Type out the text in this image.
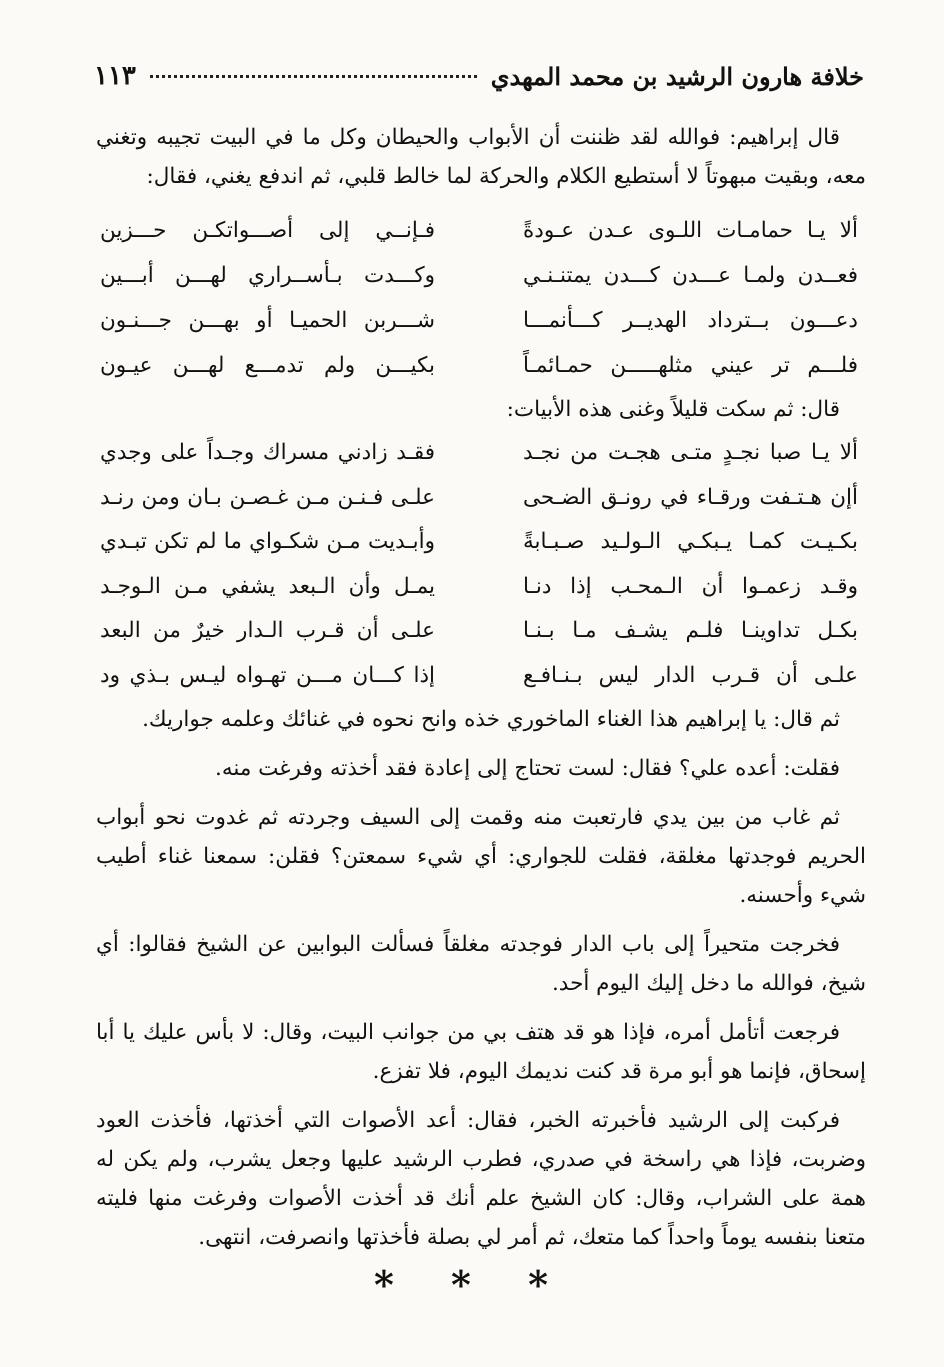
خلافة هارون الرشيد بن محمد المهدي
١١٣

قال إبراهيم: فوالله لقد ظننت أن الأبواب والحيطان وكل ما في البيت تجيبه وتغني معه، وبقيت مبهوتاً لا أستطيع الكلام والحركة لما خالط قلبي، ثم اندفع يغني، فقال:

ألا يـا حمامـات اللـوى عـدن عـودةً
فـإنــي إلى أصـــواتكـن حـــزين
فعــدن ولمـا عـــدن كـــدن يمتنـنـي
وكـــدت بـأســراري لهـــن أبـــين
دعـــون بــترداد الهديــر كـــأنمـــا
شـــربن الحميـا أو بهـــن جـــنـون
فلـــم تر عيني مثلهـــــن حمـائمـاً
بكيـــن ولم تدمـــع لهـــن عيـون

قال: ثم سكت قليلاً وغنى هذه الأبيات:

ألا يـا صبا نجـدٍ متـى هجـت من نجـد
فقـد زادني مسراك وجـداً على وجدي
أإن هـتـفت ورقـاء في رونـق الضـحى
علـى فـنـن مـن غـصـن بـان ومن رنـد
بكـيـت كمـا يـبكـي الـولـيد صـبـابةً
وأبـديت مـن شكـواي ما لم تكن تبـدي
وقـد زعمـوا أن الـمحـب إذا دنـا
يمـل وأن الـبعد يشفي مـن الـوجـد
بكـل تداوينـا فلـم يشـف مـا بـنـا
علـى أن قـرب الـدار خيرٌ من البعد
علـى أن قـرب الدار ليس بـنـافـع
إذا كـــان مـــن تهـواه ليـس بـذي ود

ثم قال: يا إبراهيم هذا الغناء الماخوري خذه وانح نحوه في غنائك وعلمه جواريك.

فقلت: أعده علي؟ فقال: لست تحتاج إلى إعادة فقد أخذته وفرغت منه.

ثم غاب من بين يدي فارتعبت منه وقمت إلى السيف وجردته ثم غدوت نحو أبواب الحريم فوجدتها مغلقة، فقلت للجواري: أي شيء سمعتن؟ فقلن: سمعنا غناء أطيب شيء وأحسنه.

فخرجت متحيراً إلى باب الدار فوجدته مغلقاً فسألت البوابين عن الشيخ فقالوا: أي شيخ، فوالله ما دخل إليك اليوم أحد.

فرجعت أتأمل أمره، فإذا هو قد هتف بي من جوانب البيت، وقال: لا بأس عليك يا أبا إسحاق، فإنما هو أبو مرة قد كنت نديمك اليوم، فلا تفزع.

فركبت إلى الرشيد فأخبرته الخبر، فقال: أعد الأصوات التي أخذتها، فأخذت العود وضربت، فإذا هي راسخة في صدري، فطرب الرشيد عليها وجعل يشرب، ولم يكن له همة على الشراب، وقال: كان الشيخ علم أنك قد أخذت الأصوات وفرغت منها فليته متعنا بنفسه يوماً واحداً كما متعك، ثم أمر لي بصلة فأخذتها وانصرفت، انتهى.

* * *
